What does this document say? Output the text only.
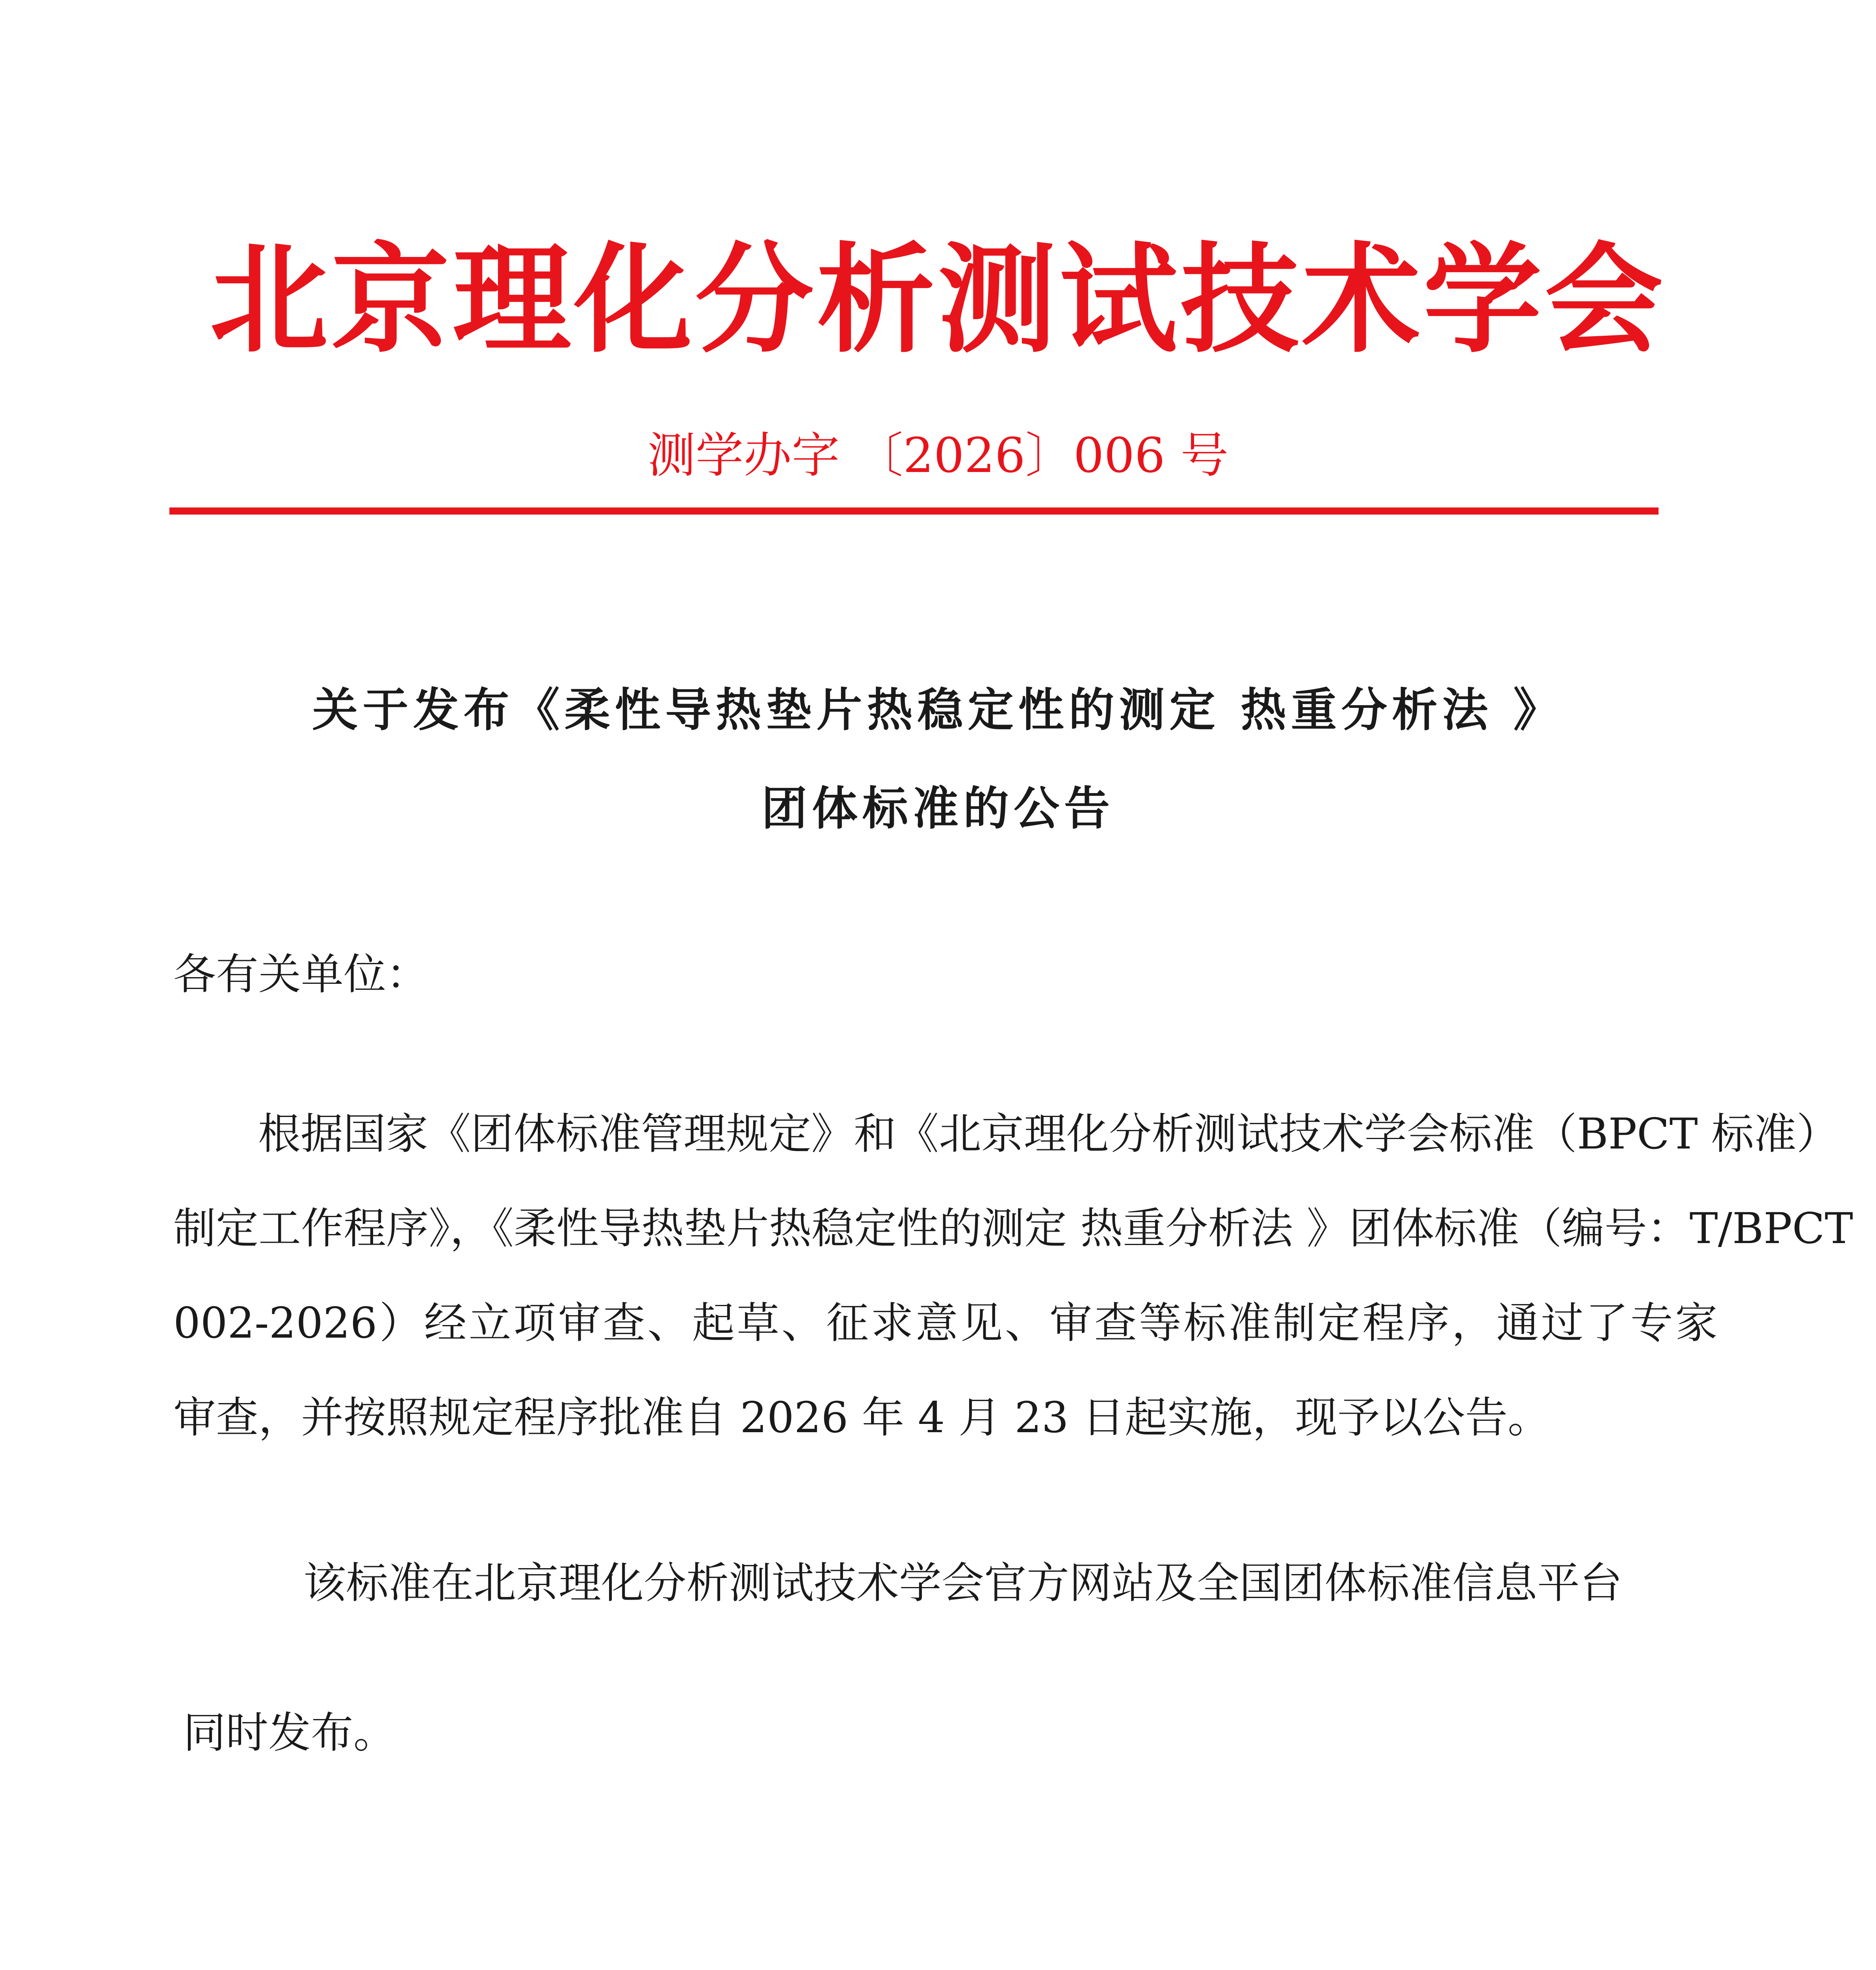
北京理化分析测试技术学会
测学办字 〔2026〕006 号
关于发布《柔性导热垫片热稳定性的测定 热重分析法 》
团体标准的公告
各有关单位：
根据国家《团体标准管理规定》和《北京理化分析测试技术学会标准（BPCT 标准）
制定工作程序》，《柔性导热垫片热稳定性的测定 热重分析法 》团体标准（编号：T/BPCT
002-2026）经立项审查、起草、征求意见、审查等标准制定程序，通过了专家
审查，并按照规定程序批准自 2026 年 4 月 23 日起实施，现予以公告。
该标准在北京理化分析测试技术学会官方网站及全国团体标准信息平台
同时发布。
